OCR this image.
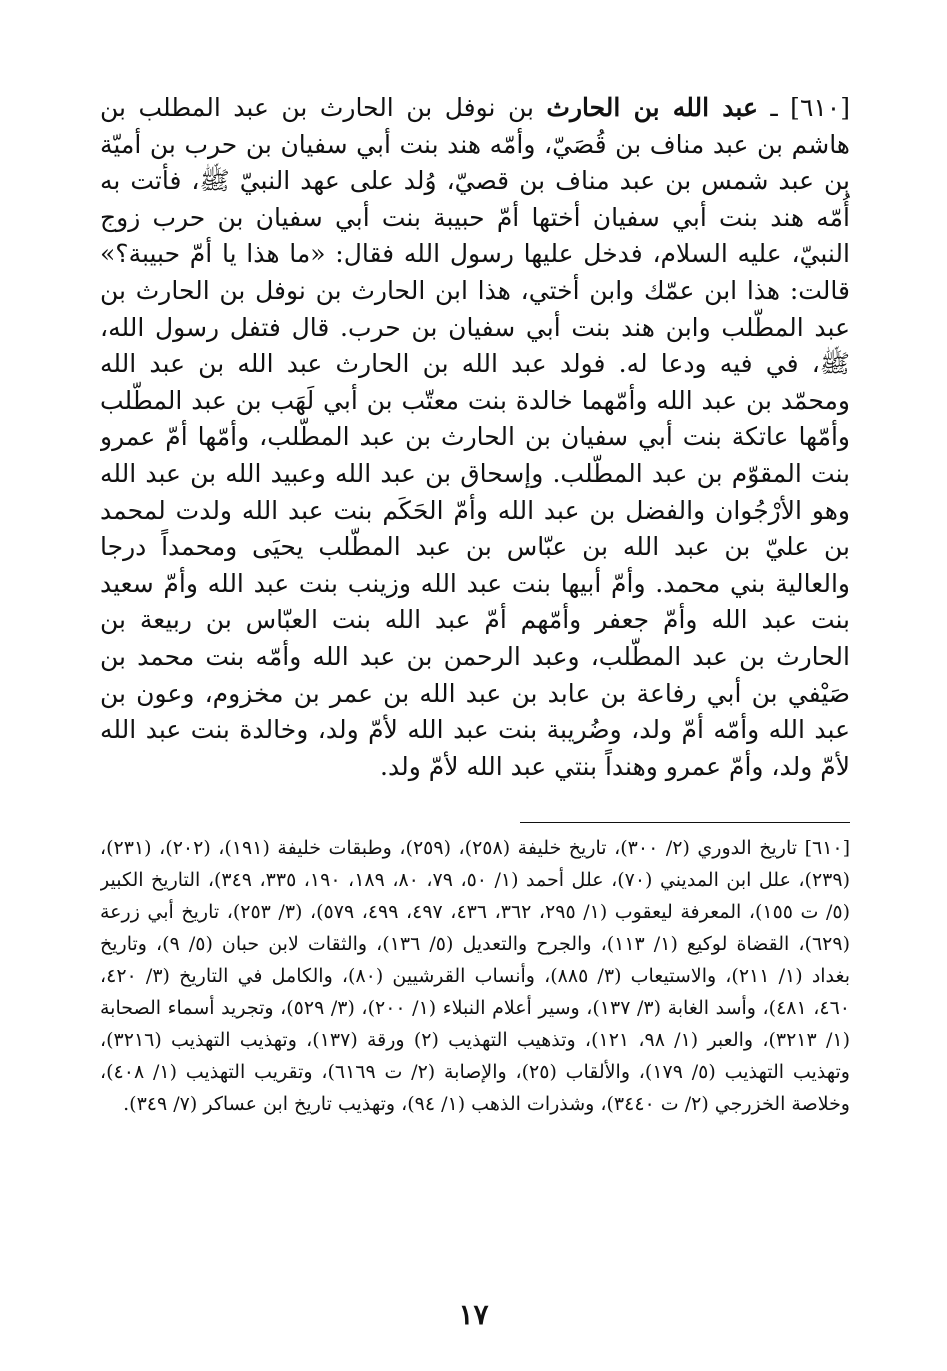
[٦١٠] ـ عبد الله بن الحارث بن نوفل بن الحارث بن عبد المطلب بن هاشم بن عبد مناف بن قُصَيّ، وأمّه هند بنت أبي سفيان بن حرب بن أميّة بن عبد شمس بن عبد مناف بن قصيّ، وُلد على عهد النبيّ ﷺ، فأتت به أُمّه هند بنت أبي سفيان أختها أمّ حبيبة بنت أبي سفيان بن حرب زوج النبيّ، عليه السلام، فدخل عليها رسول الله فقال: «ما هذا يا أمّ حبيبة؟» قالت: هذا ابن عمّك وابن أختي، هذا ابن الحارث بن نوفل بن الحارث بن عبد المطّلب وابن هند بنت أبي سفيان بن حرب. قال فتفل رسول الله، ﷺ، في فيه ودعا له. فولد عبد الله بن الحارث عبد الله بن عبد الله ومحمّد بن عبد الله وأمّهما خالدة بنت معتّب بن أبي لَهَب بن عبد المطّلب وأمّها عاتكة بنت أبي سفيان بن الحارث بن عبد المطّلب، وأمّها أمّ عمرو بنت المقوّم بن عبد المطّلب. وإسحاق بن عبد الله وعبيد الله بن عبد الله وهو الأرْجُوان والفضل بن عبد الله وأمّ الحَكَم بنت عبد الله ولدت لمحمد بن عليّ بن عبد الله بن عبّاس بن عبد المطّلب يحيَى ومحمداً درجا والعالية بني محمد. وأمّ أبيها بنت عبد الله وزينب بنت عبد الله وأمّ سعيد بنت عبد الله وأمّ جعفر وأمّهم أمّ عبد الله بنت العبّاس بن ربيعة بن الحارث بن عبد المطّلب، وعبد الرحمن بن عبد الله وأمّه بنت محمد بن صَيْفي بن أبي رفاعة بن عابد بن عبد الله بن عمر بن مخزوم، وعون بن عبد الله وأمّه أمّ ولد، وضُريبة بنت عبد الله لأمّ ولد، وخالدة بنت عبد الله لأمّ ولد، وأمّ عمرو وهنداً بنتي عبد الله لأمّ ولد.

[٦١٠] تاريخ الدوري (٢/ ٣٠٠)، تاريخ خليفة (٢٥٨)، (٢٥٩)، وطبقات خليفة (١٩١)، (٢٠٢)، (٢٣١)، (٢٣٩)، علل ابن المديني (٧٠)، علل أحمد (١/ ٥٠، ٧٩، ٨٠، ١٨٩، ١٩٠، ٣٣٥، ٣٤٩)، التاريخ الكبير (٥/ ت ١٥٥)، المعرفة ليعقوب (١/ ٢٩٥، ٣٦٢، ٤٣٦، ٤٩٧، ٤٩٩، ٥٧٩)، (٣/ ٢٥٣)، تاريخ أبي زرعة (٦٢٩)، القضاة لوكيع (١/ ١١٣)، والجرح والتعديل (٥/ ١٣٦)، والثقات لابن حبان (٥/ ٩)، وتاريخ بغداد (١/ ٢١١)، والاستيعاب (٣/ ٨٨٥)، وأنساب القرشيين (٨٠)، والكامل في التاريخ (٣/ ٤٢٠، ٤٦٠، ٤٨١)، وأسد الغابة (٣/ ١٣٧)، وسير أعلام النبلاء (١/ ٢٠٠)، (٣/ ٥٢٩)، وتجريد أسماء الصحابة (١/ ٣٢١٣)، والعبر (١/ ٩٨، ١٢١)، وتذهيب التهذيب (٢) ورقة (١٣٧)، وتهذيب التهذيب (٣٢١٦)، وتهذيب التهذيب (٥/ ١٧٩)، والألقاب (٢٥)، والإصابة (٢/ ت ٦١٦٩)، وتقريب التهذيب (١/ ٤٠٨)، وخلاصة الخزرجي (٢/ ت ٣٤٤٠)، وشذرات الذهب (١/ ٩٤)، وتهذيب تاريخ ابن عساكر (٧/ ٣٤٩).

١٧
